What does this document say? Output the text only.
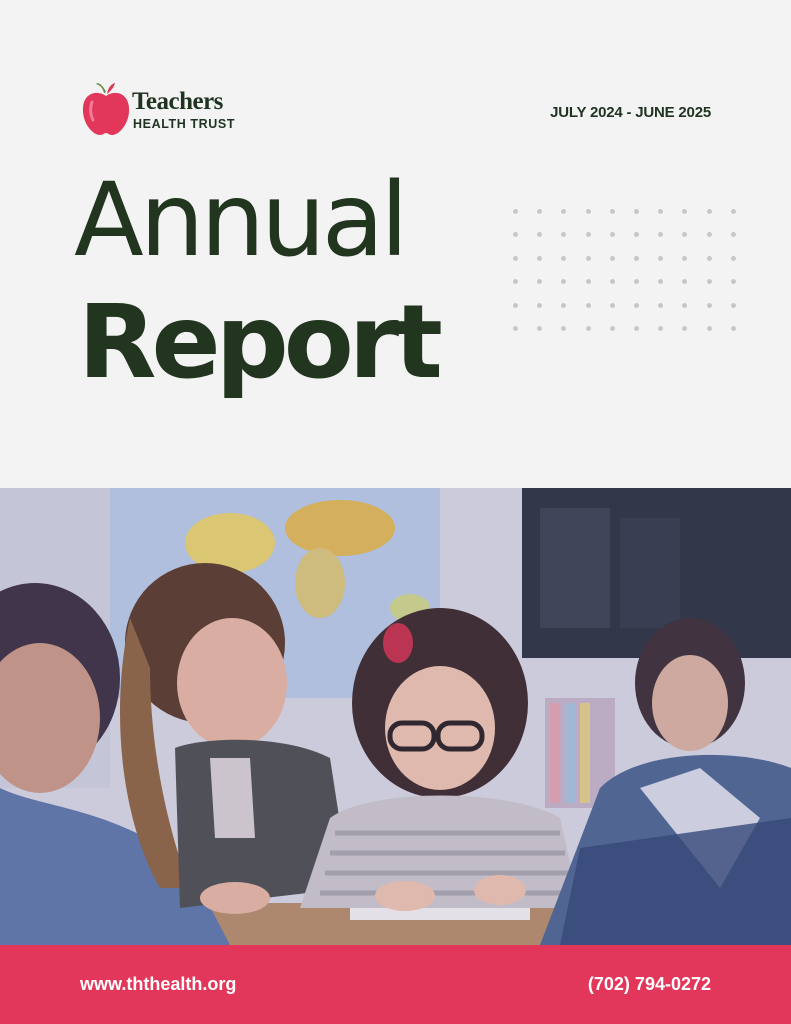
Teachers
HEALTH TRUST
JULY 2024 - JUNE 2025
Annual
Report
www.ththealth.org	(702) 794-0272
